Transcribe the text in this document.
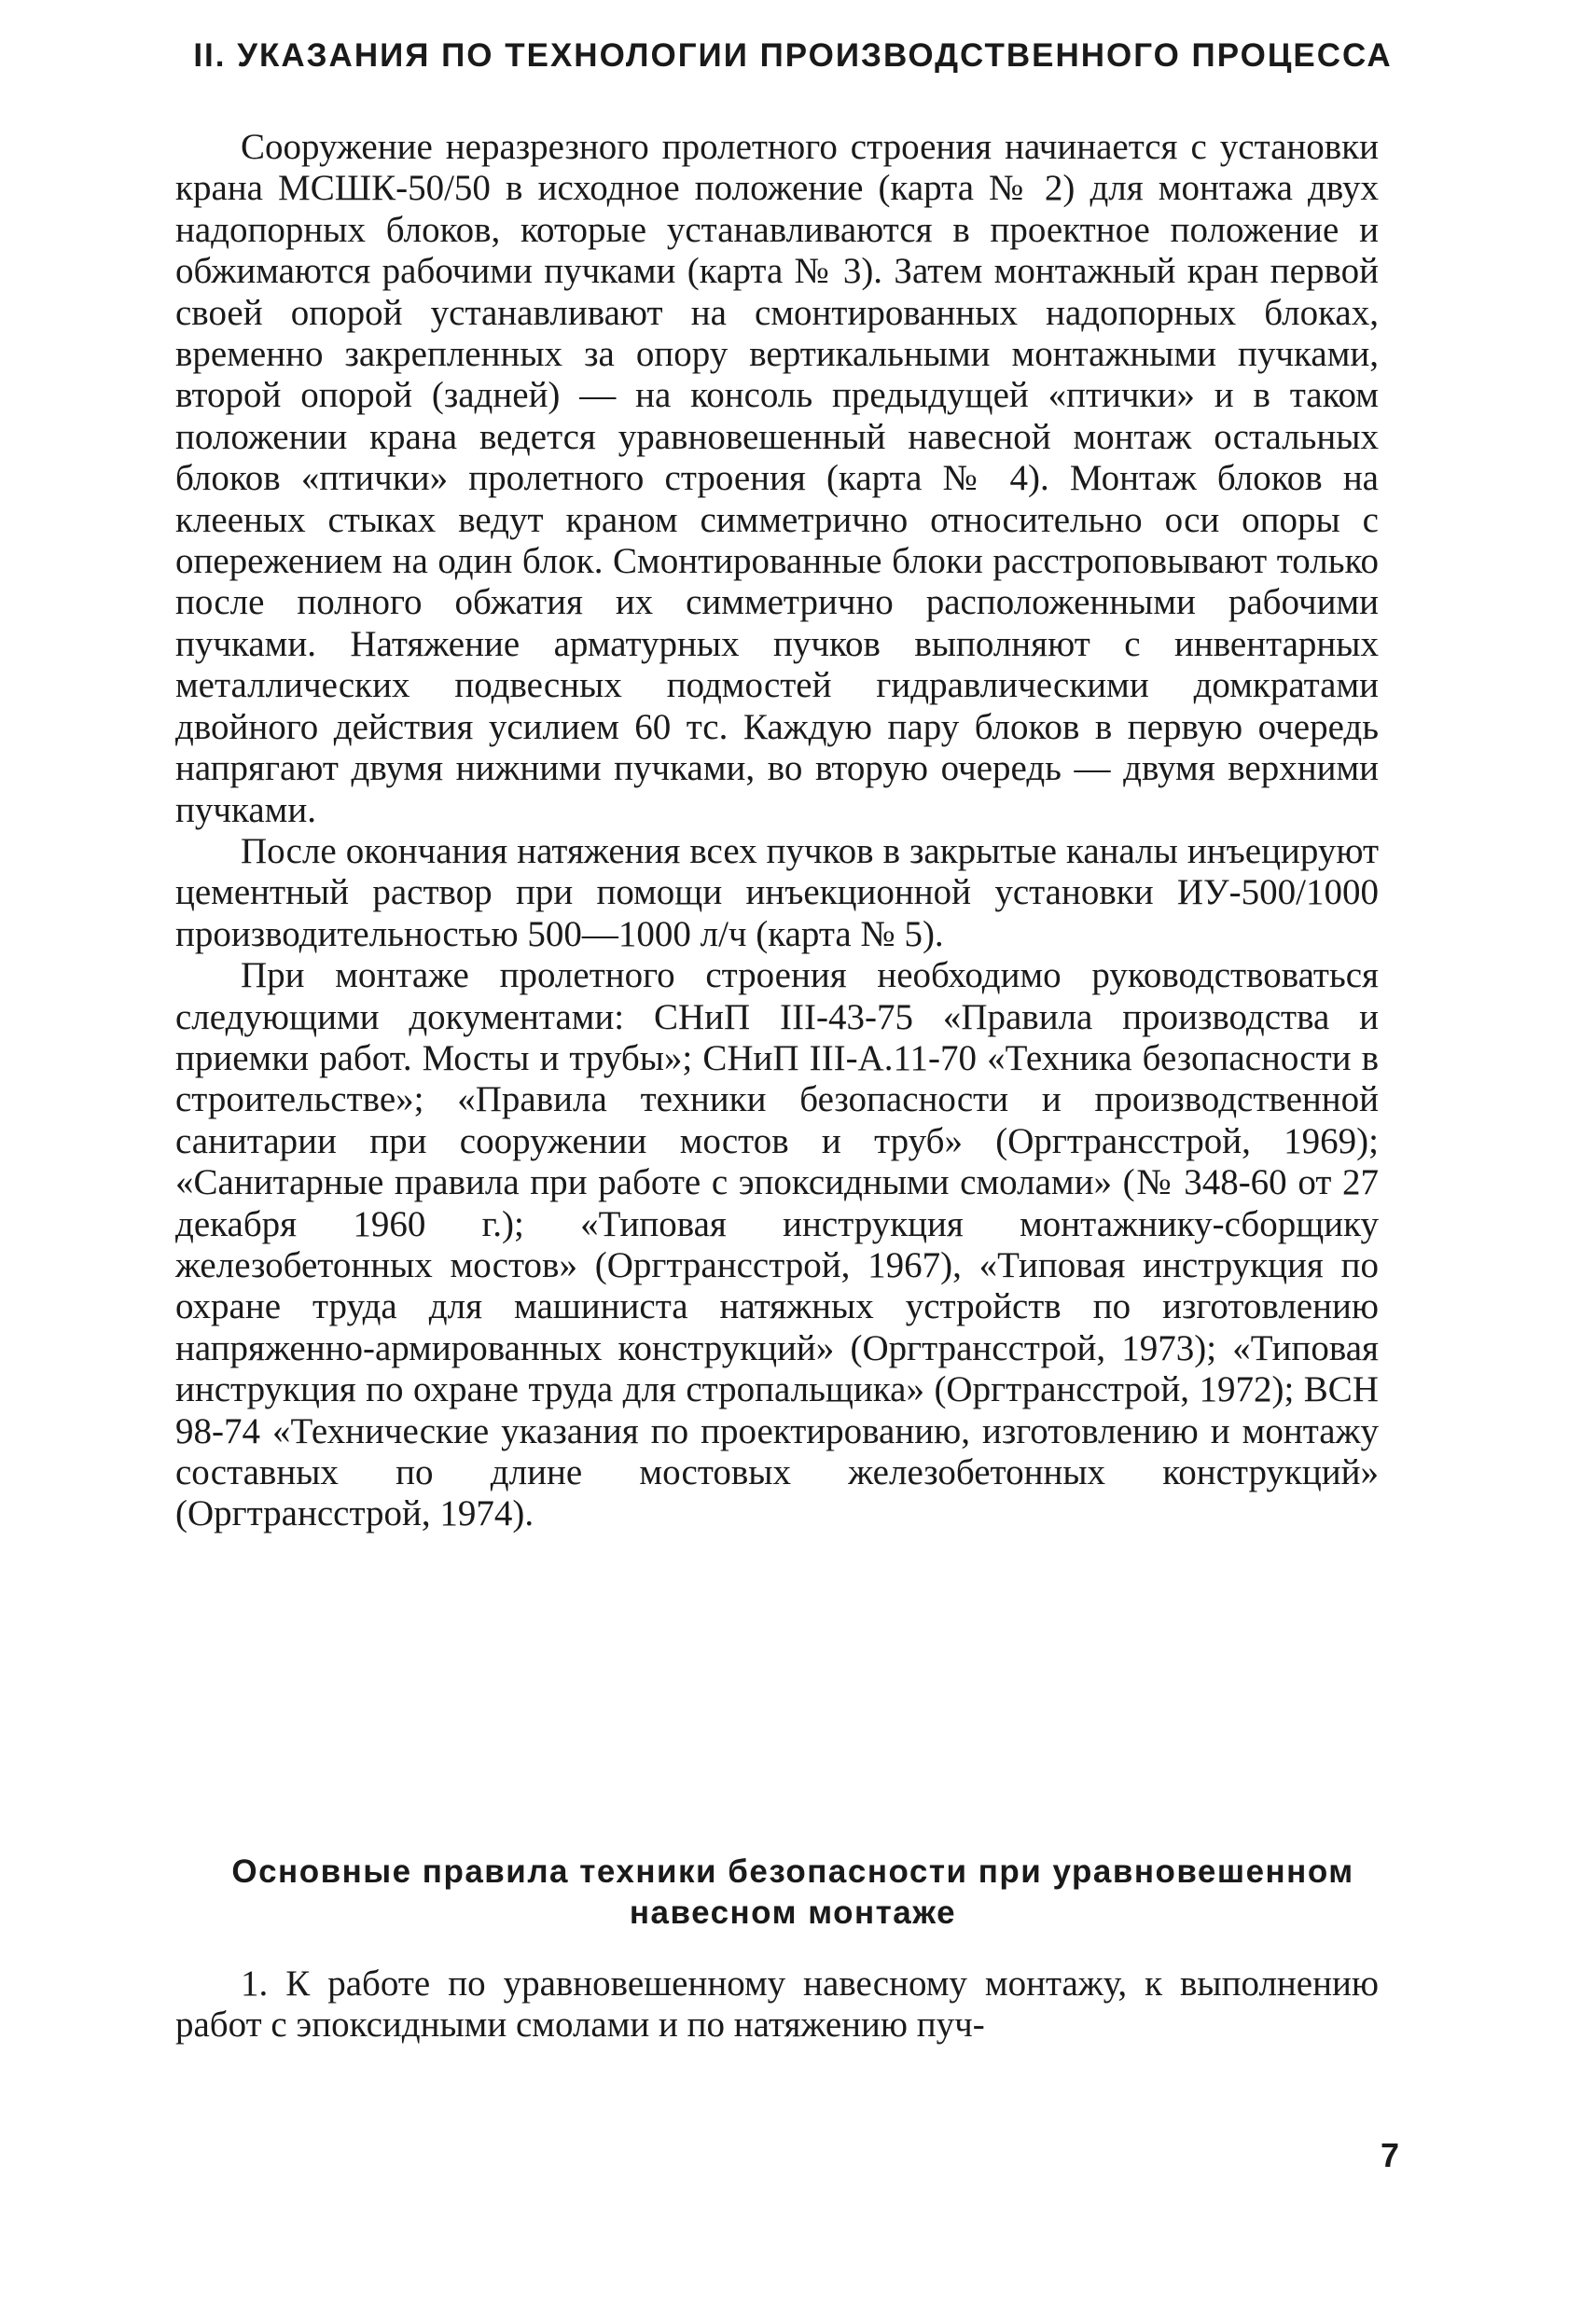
II. УКАЗАНИЯ ПО ТЕХНОЛОГИИ ПРОИЗВОДСТВЕННОГО ПРОЦЕССА

Сооружение неразрезного пролетного строения начинается с установки крана МСШК-50/50 в исходное положение (карта № 2) для монтажа двух надопорных блоков, которые устанавливаются в проектное положение и обжимаются рабочими пучками (карта № 3). Затем монтажный кран первой своей опорой устанавливают на смонтированных надопорных блоках, временно закрепленных за опору вертикальными монтажными пучками, второй опорой (задней) — на консоль предыдущей «птички» и в таком положении крана ведется уравновешенный навесной монтаж остальных блоков «птички» пролетного строения (карта № 4). Монтаж блоков на клееных стыках ведут краном симметрично относительно оси опоры с опережением на один блок. Смонтированные блоки расстроповывают только после полного обжатия их симметрично расположенными рабочими пучками. Натяжение арматурных пучков выполняют с инвентарных металлических подвесных подмостей гидравлическими домкратами двойного действия усилием 60 тс. Каждую пару блоков в первую очередь напрягают двумя нижними пучками, во вторую очередь — двумя верхними пучками.

После окончания натяжения всех пучков в закрытые каналы инъецируют цементный раствор при помощи инъекционной установки ИУ-500/1000 производительностью 500—1000 л/ч (карта № 5).

При монтаже пролетного строения необходимо руководствоваться следующими документами: СНиП III-43-75 «Правила производства и приемки работ. Мосты и трубы»; СНиП III-А.11-70 «Техника безопасности в строительстве»; «Правила техники безопасности и производственной санитарии при сооружении мостов и труб» (Оргтрансстрой, 1969); «Санитарные правила при работе с эпоксидными смолами» (№ 348-60 от 27 декабря 1960 г.); «Типовая инструкция монтажнику-сборщику железобетонных мостов» (Оргтрансстрой, 1967), «Типовая инструкция по охране труда для машиниста натяжных устройств по изготовлению напряженно-армированных конструкций» (Оргтрансстрой, 1973); «Типовая инструкция по охране труда для стропальщика» (Оргтрансстрой, 1972); ВСН 98-74 «Технические указания по проектированию, изготовлению и монтажу составных по длине мостовых железобетонных конструкций» (Оргтрансстрой, 1974).

Основные правила техники безопасности при уравновешенном навесном монтаже

1. К работе по уравновешенному навесному монтажу, к выполнению работ с эпоксидными смолами и по натяжению пуч-

7
